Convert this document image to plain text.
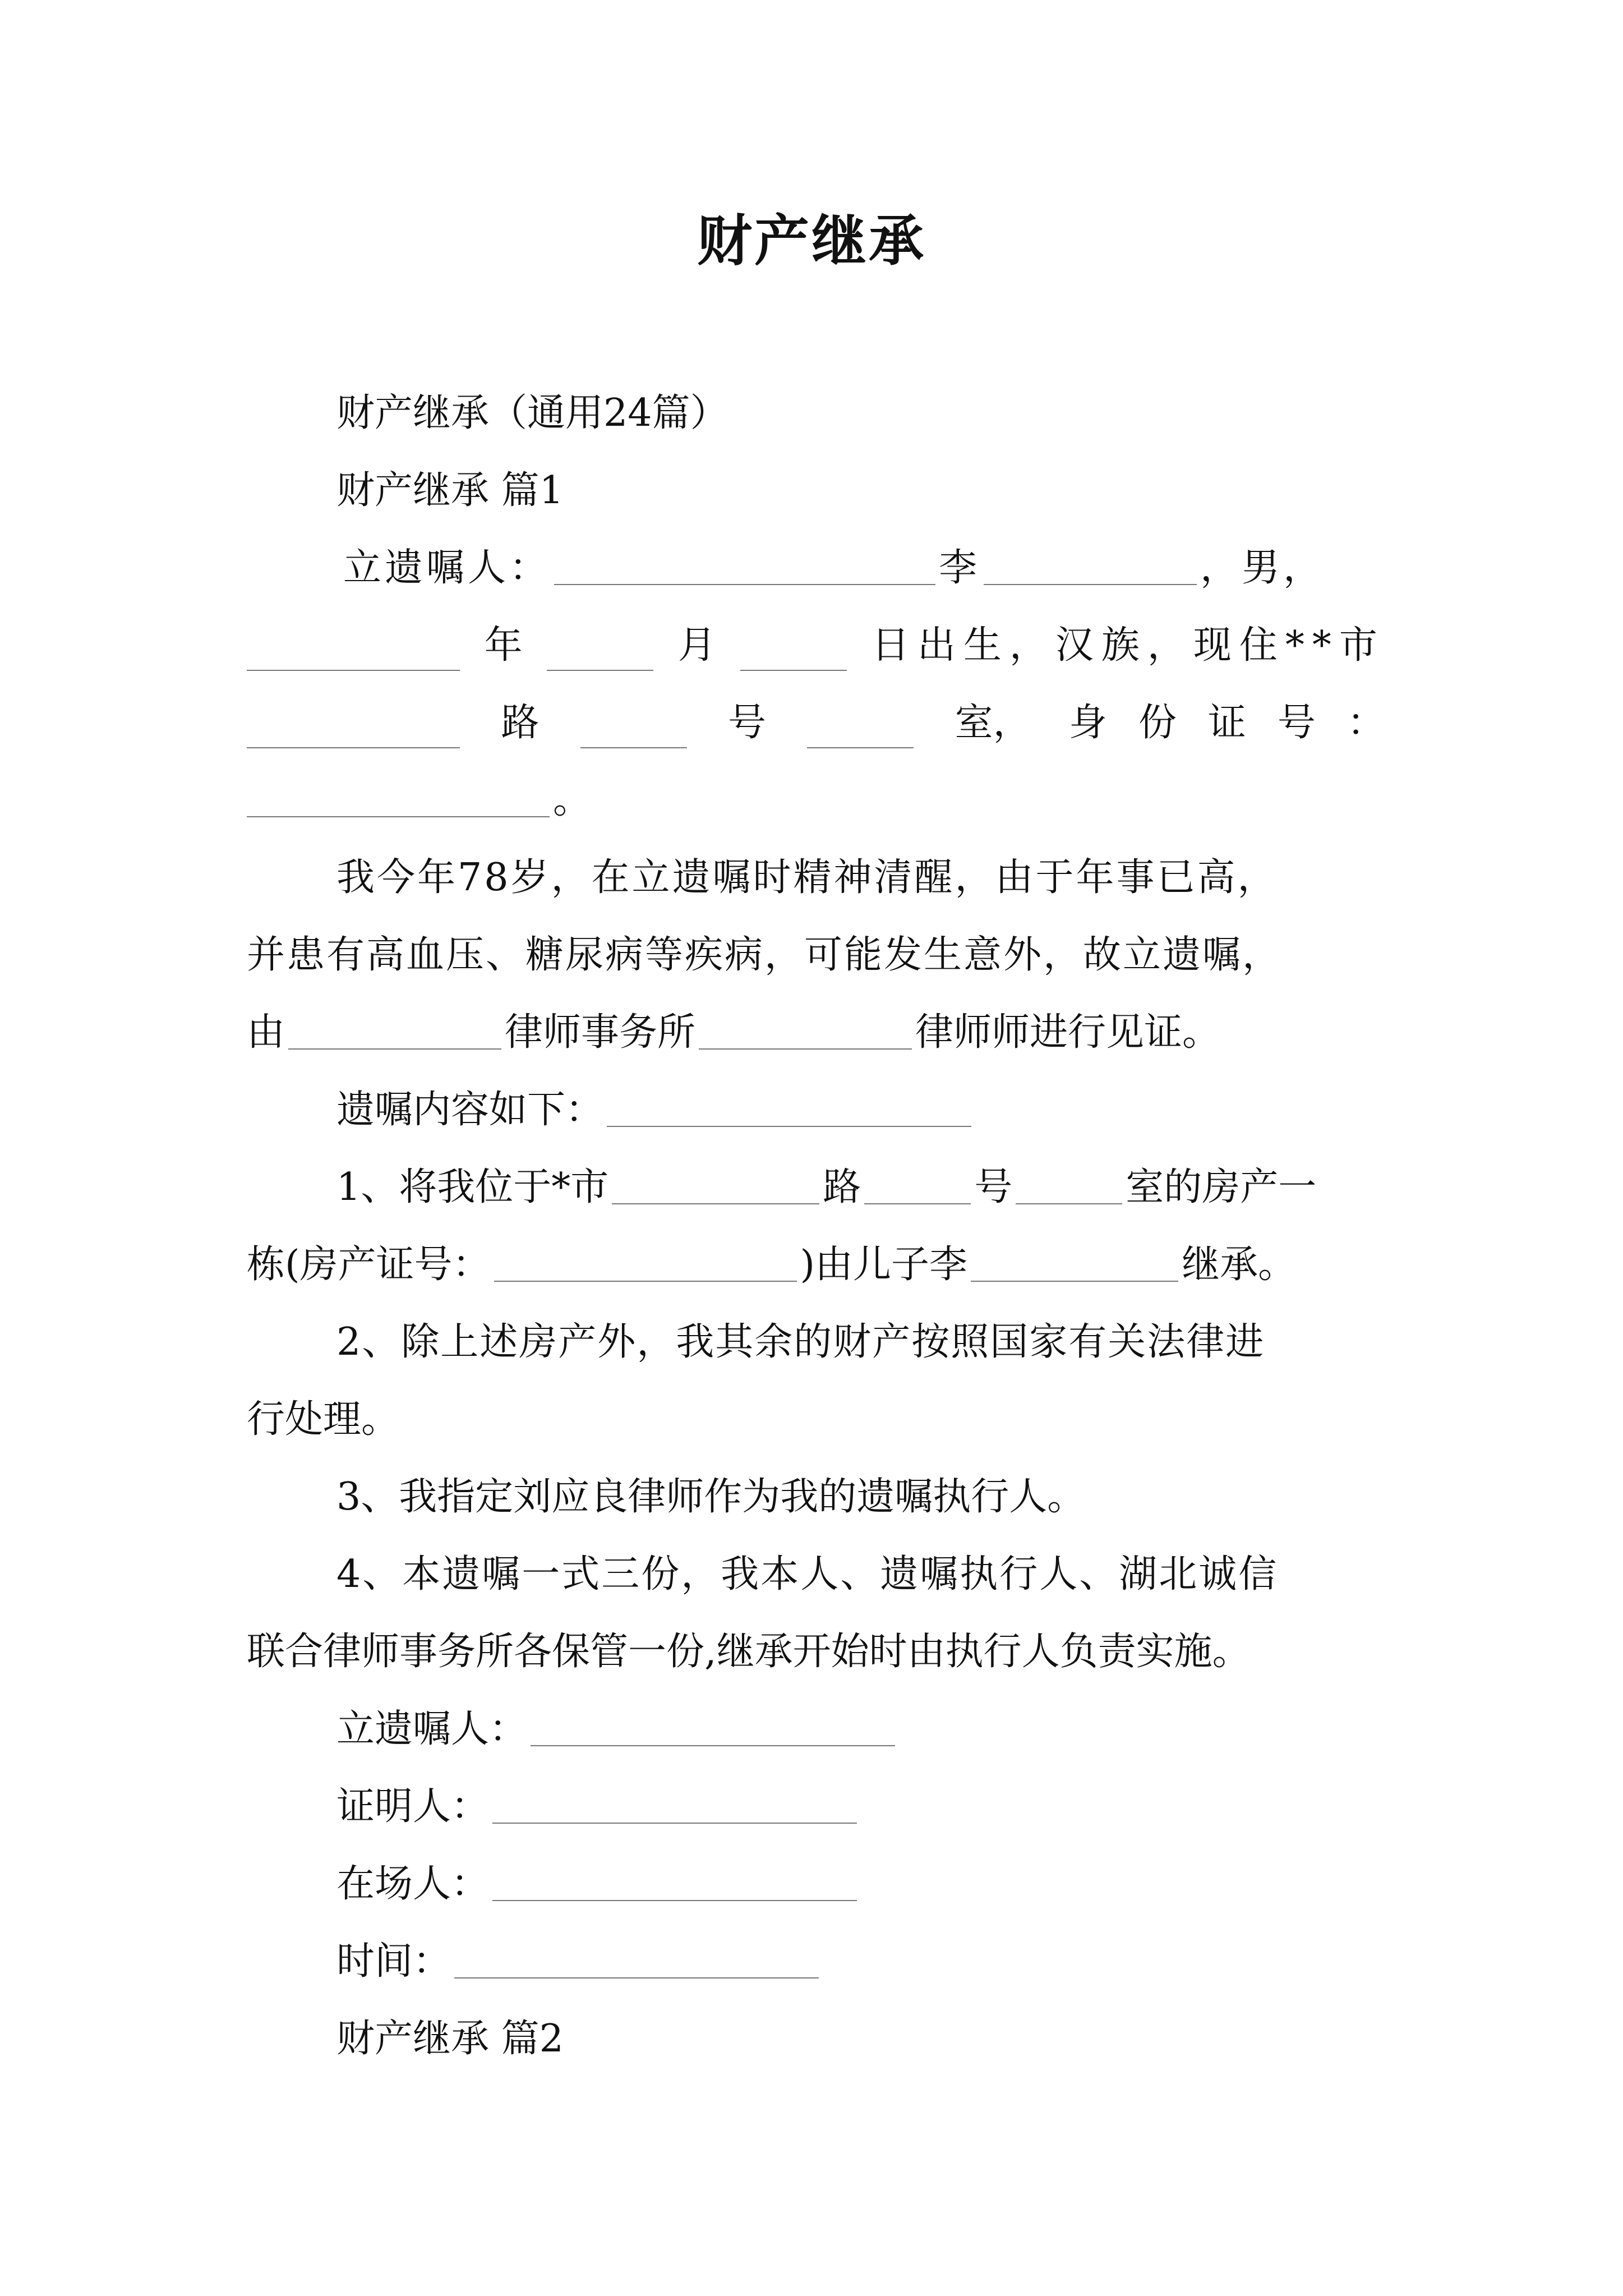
财产继承
财产继承（通用24篇）
财产继承 篇1
立遗嘱人：	李	，男，
年	月	日出生，汉族，现住**市
路	号	室， 身份证号：
。
我今年78岁，在立遗嘱时精神清醒，由于年事已高，
并患有高血压、糖尿病等疾病，可能发生意外，故立遗嘱，
由	律师事务所	律师师进行见证。
遗嘱内容如下：
1、将我位于*市	路	号	室的房产一
栋(房产证号：	)由儿子李	继承。
2、除上述房产外，我其余的财产按照国家有关法律进
行处理。
3、我指定刘应良律师作为我的遗嘱执行人。
4、本遗嘱一式三份，我本人、遗嘱执行人、湖北诚信
联合律师事务所各保管一份,继承开始时由执行人负责实施。
立遗嘱人：
证明人：
在场人：
时间：
财产继承 篇2
